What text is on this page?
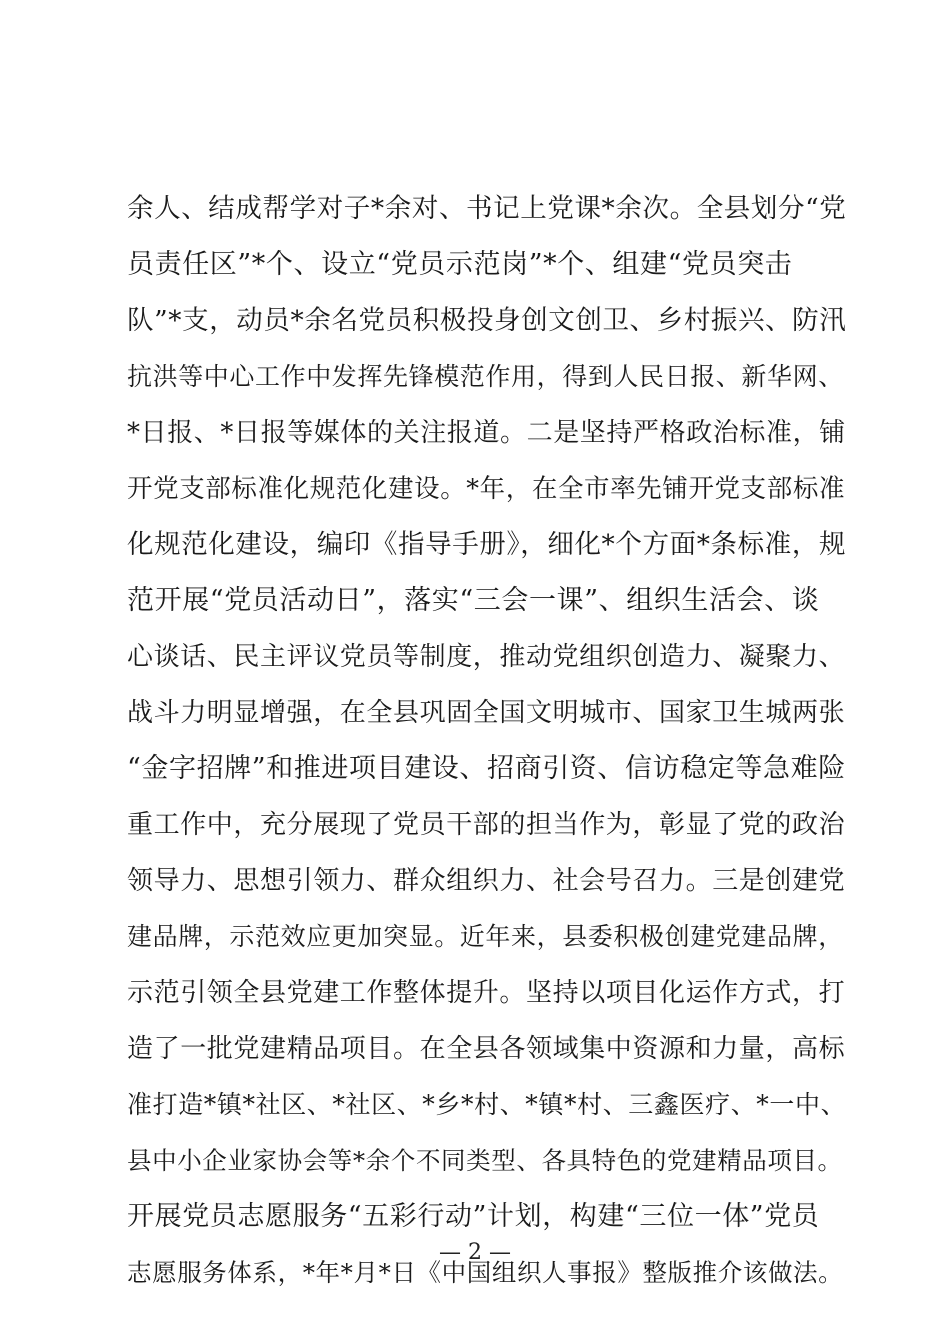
余人、结成帮学对子*余对、书记上党课*余次。全县划分“党
员责任区”*个、设立“党员示范岗”*个、组建“党员突击
队”*支，动员*余名党员积极投身创文创卫、乡村振兴、防汛
抗洪等中心工作中发挥先锋模范作用，得到人民日报、新华网、
*日报、*日报等媒体的关注报道。二是坚持严格政治标准，铺
开党支部标准化规范化建设。*年，在全市率先铺开党支部标准
化规范化建设，编印《指导手册》，细化*个方面*条标准，规
范开展“党员活动日”，落实“三会一课”、组织生活会、谈
心谈话、民主评议党员等制度，推动党组织创造力、凝聚力、
战斗力明显增强，在全县巩固全国文明城市、国家卫生城两张
“金字招牌”和推进项目建设、招商引资、信访稳定等急难险
重工作中，充分展现了党员干部的担当作为，彰显了党的政治
领导力、思想引领力、群众组织力、社会号召力。三是创建党
建品牌，示范效应更加突显。近年来，县委积极创建党建品牌，
示范引领全县党建工作整体提升。坚持以项目化运作方式，打
造了一批党建精品项目。在全县各领域集中资源和力量，高标
准打造*镇*社区、*社区、*乡*村、*镇*村、三鑫医疗、*一中、
县中小企业家协会等*余个不同类型、各具特色的党建精品项目。
开展党员志愿服务“五彩行动”计划，构建“三位一体”党员
志愿服务体系，*年*月*日《中国组织人事报》整版推介该做法。
— 2 —
